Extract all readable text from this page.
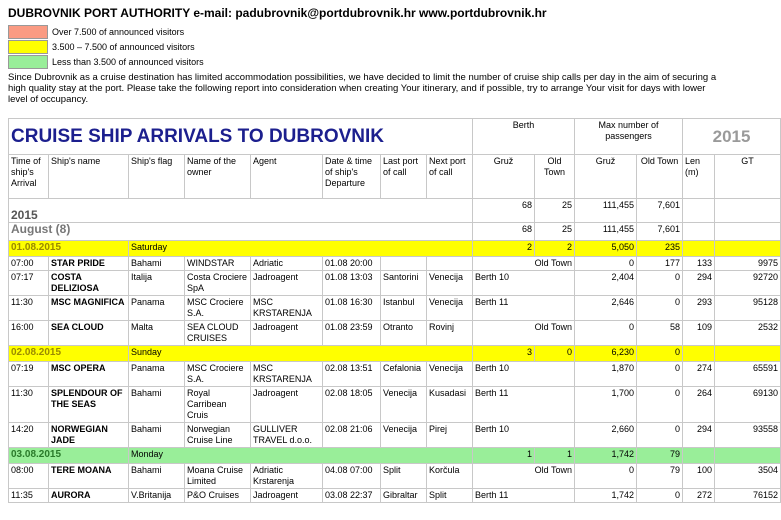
DUBROVNIK PORT AUTHORITY e-mail: padubrovnik@portdubrovnik.hr www.portdubrovnik.hr
Over 7.500 of announced visitors
3.500 – 7.500 of announced visitors
Less than 3.500 of announced visitors
Since Dubrovnik as a cruise destination has limited accommodation possibilities, we have decided to limit the number of cruise ship calls per day in the aim of securing a high quality stay at the port. Please take the following report into consideration when creating Your itinerary, and if possible, try to arrange Your visit for days with lower level of occupancy.
CRUISE SHIP ARRIVALS TO DUBROVNIK								Berth		Max number of passengers		2015	
Time of ship's Arrival	Ship's name	Ship's flag	Name of the owner	Agent	Date & time of ship's Departure	Last port of call	Next port of call	Gruž	Old Town	Gruž	Old Town	Len (m)	GT
2015								68	25	111,455	7,601		
August (8)								68	25	111,455	7,601		
01.08.2015		Saturday						2	2	5,050	235		
07:00	STAR PRIDE	Bahami	WINDSTAR	Adriatic	01.08 20:00			Old Town		0	177	133	9975
07:17	COSTA DELIZIOSA	Italija	Costa Crociere SpA	Jadroagent	01.08 13:03	Santorini	Venecija	Berth 10		2,404	0	294	92720
11:30	MSC MAGNIFICA	Panama	MSC Crociere S.A.	MSC KRSTARENJA	01.08 16:30	Istanbul	Venecija	Berth 11		2,646	0	293	95128
16:00	SEA CLOUD	Malta	SEA CLOUD CRUISES	Jadroagent	01.08 23:59	Otranto	Rovinj	Old Town		0	58	109	2532
02.08.2015		Sunday						3	0	6,230	0		
07:19	MSC OPERA	Panama	MSC Crociere S.A.	MSC KRSTARENJA	02.08 13:51	Cefalonia	Venecija	Berth 10		1,870	0	274	65591
11:30	SPLENDOUR OF THE SEAS	Bahami	Royal Carribean Cruis	Jadroagent	02.08 18:05	Venecija	Kusadasi	Berth 11		1,700	0	264	69130
14:20	NORWEGIAN JADE	Bahami	Norwegian Cruise Line	GULLIVER TRAVEL d.o.o.	02.08 21:06	Venecija	Pirej	Berth 10		2,660	0	294	93558
03.08.2015		Monday						1	1	1,742	79		
08:00	TERE MOANA	Bahami	Moana Cruise Limited	Adriatic Krstarenja	04.08 07:00	Split	Korčula	Old Town		0	79	100	3504
11:35	AURORA	V.Britanija	P&O Cruises	Jadroagent	03.08 22:37	Gibraltar	Split	Berth 11		1,742	0	272	76152
